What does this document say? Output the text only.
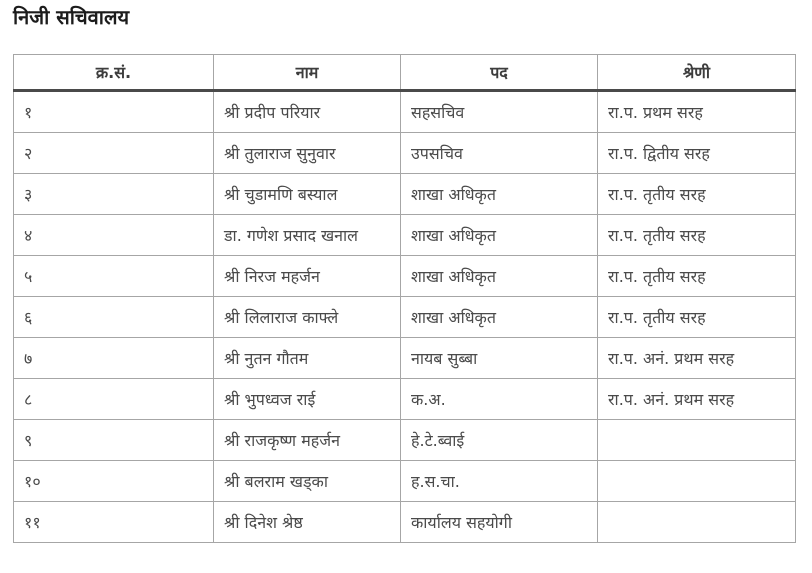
निजी सचिवालय
क्र.सं.	नाम	पद	श्रेणी
१	श्री प्रदीप परियार	सहसचिव	रा.प. प्रथम सरह
२	श्री तुलाराज सुनुवार	उपसचिव	रा.प. द्वितीय सरह
३	श्री चुडामणि बस्याल	शाखा अधिकृत	रा.प. तृतीय सरह
४	डा. गणेश प्रसाद खनाल	शाखा अधिकृत	रा.प. तृतीय सरह
५	श्री निरज महर्जन	शाखा अधिकृत	रा.प. तृतीय सरह
६	श्री लिलाराज काफ्ले	शाखा अधिकृत	रा.प. तृतीय सरह
७	श्री नुतन गौतम	नायब सुब्बा	रा.प. अनं. प्रथम सरह
८	श्री भुपध्वज राई	क.अ.	रा.प. अनं. प्रथम सरह
९	श्री राजकृष्ण महर्जन	हे.टे.ब्वाई	
१०	श्री बलराम खड्का	ह.स.चा.	
११	श्री दिनेश श्रेष्ठ	कार्यालय सहयोगी	
